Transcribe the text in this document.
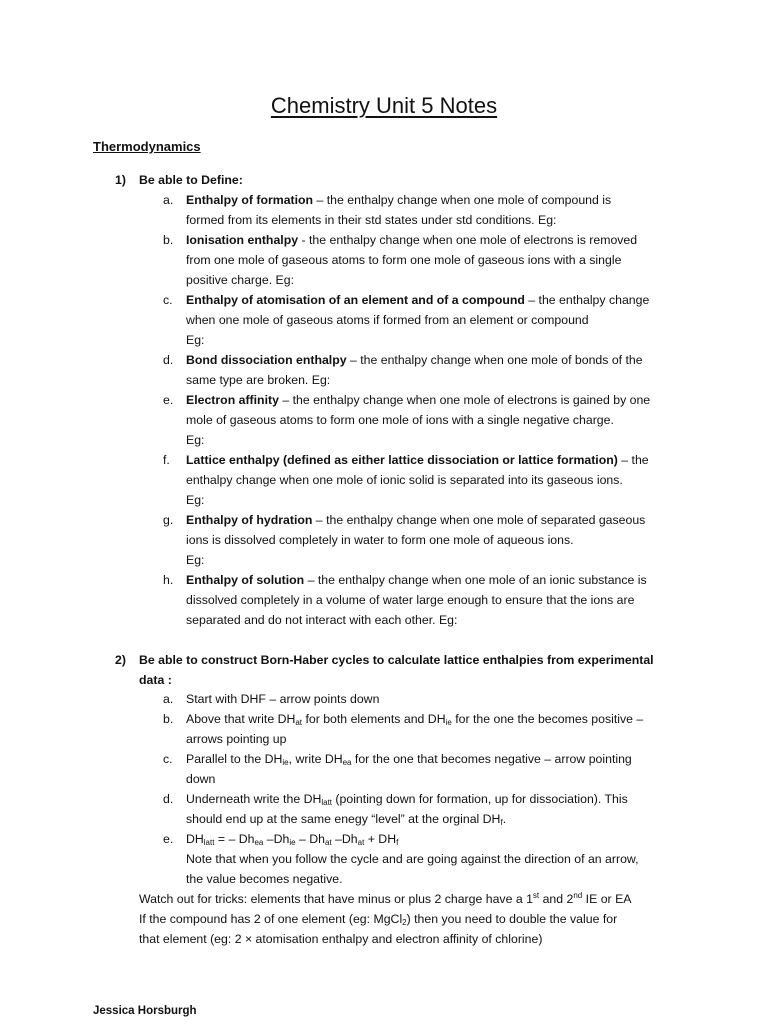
Chemistry Unit 5 Notes
Thermodynamics
1) Be able to Define:
a. Enthalpy of formation – the enthalpy change when one mole of compound is
formed from its elements in their std states under std conditions. Eg:
b. Ionisation enthalpy - the enthalpy change when one mole of electrons is removed
from one mole of gaseous atoms to form one mole of gaseous ions with a single
positive charge. Eg:
c. Enthalpy of atomisation of an element and of a compound – the enthalpy change
when one mole of gaseous atoms if formed from an element or compound
Eg:
d. Bond dissociation enthalpy – the enthalpy change when one mole of bonds of the
same type are broken. Eg:
e. Electron affinity – the enthalpy change when one mole of electrons is gained by one
mole of gaseous atoms to form one mole of ions with a single negative charge.
Eg:
f. Lattice enthalpy (defined as either lattice dissociation or lattice formation) – the
enthalpy change when one mole of ionic solid is separated into its gaseous ions.
Eg:
g. Enthalpy of hydration – the enthalpy change when one mole of separated gaseous
ions is dissolved completely in water to form one mole of aqueous ions.
Eg:
h. Enthalpy of solution – the enthalpy change when one mole of an ionic substance is
dissolved completely in a volume of water large enough to ensure that the ions are
separated and do not interact with each other. Eg:
2) Be able to construct Born-Haber cycles to calculate lattice enthalpies from experimental
data :
a. Start with DHF – arrow points down
b. Above that write $DH_{at}$ for both elements and $DH_{ie}$ for the one the becomes positive –
arrows pointing up
c. Parallel to the $DH_{ie}$, write $DH_{ea}$ for the one that becomes negative – arrow pointing
down
d. Underneath write the $DH_{latt}$ (pointing down for formation, up for dissociation). This
should end up at the same enegy “level” at the orginal $DH_f$.
e. $DH_{latt}$ = – $Dh_{ea}$ $-Dh_{ie} - Dh_{at}$ $-Dh_{at} + DH_f$
Note that when you follow the cycle and are going against the direction of an arrow,
the value becomes negative.
Watch out for tricks: elements that have minus or plus 2 charge have a 1st and 2nd IE or EA
If the compound has 2 of one element (eg: MgCl$_2$) then you need to double the value for
that element (eg: 2 × atomisation enthalpy and electron affinity of chlorine)
Jessica Horsburgh
